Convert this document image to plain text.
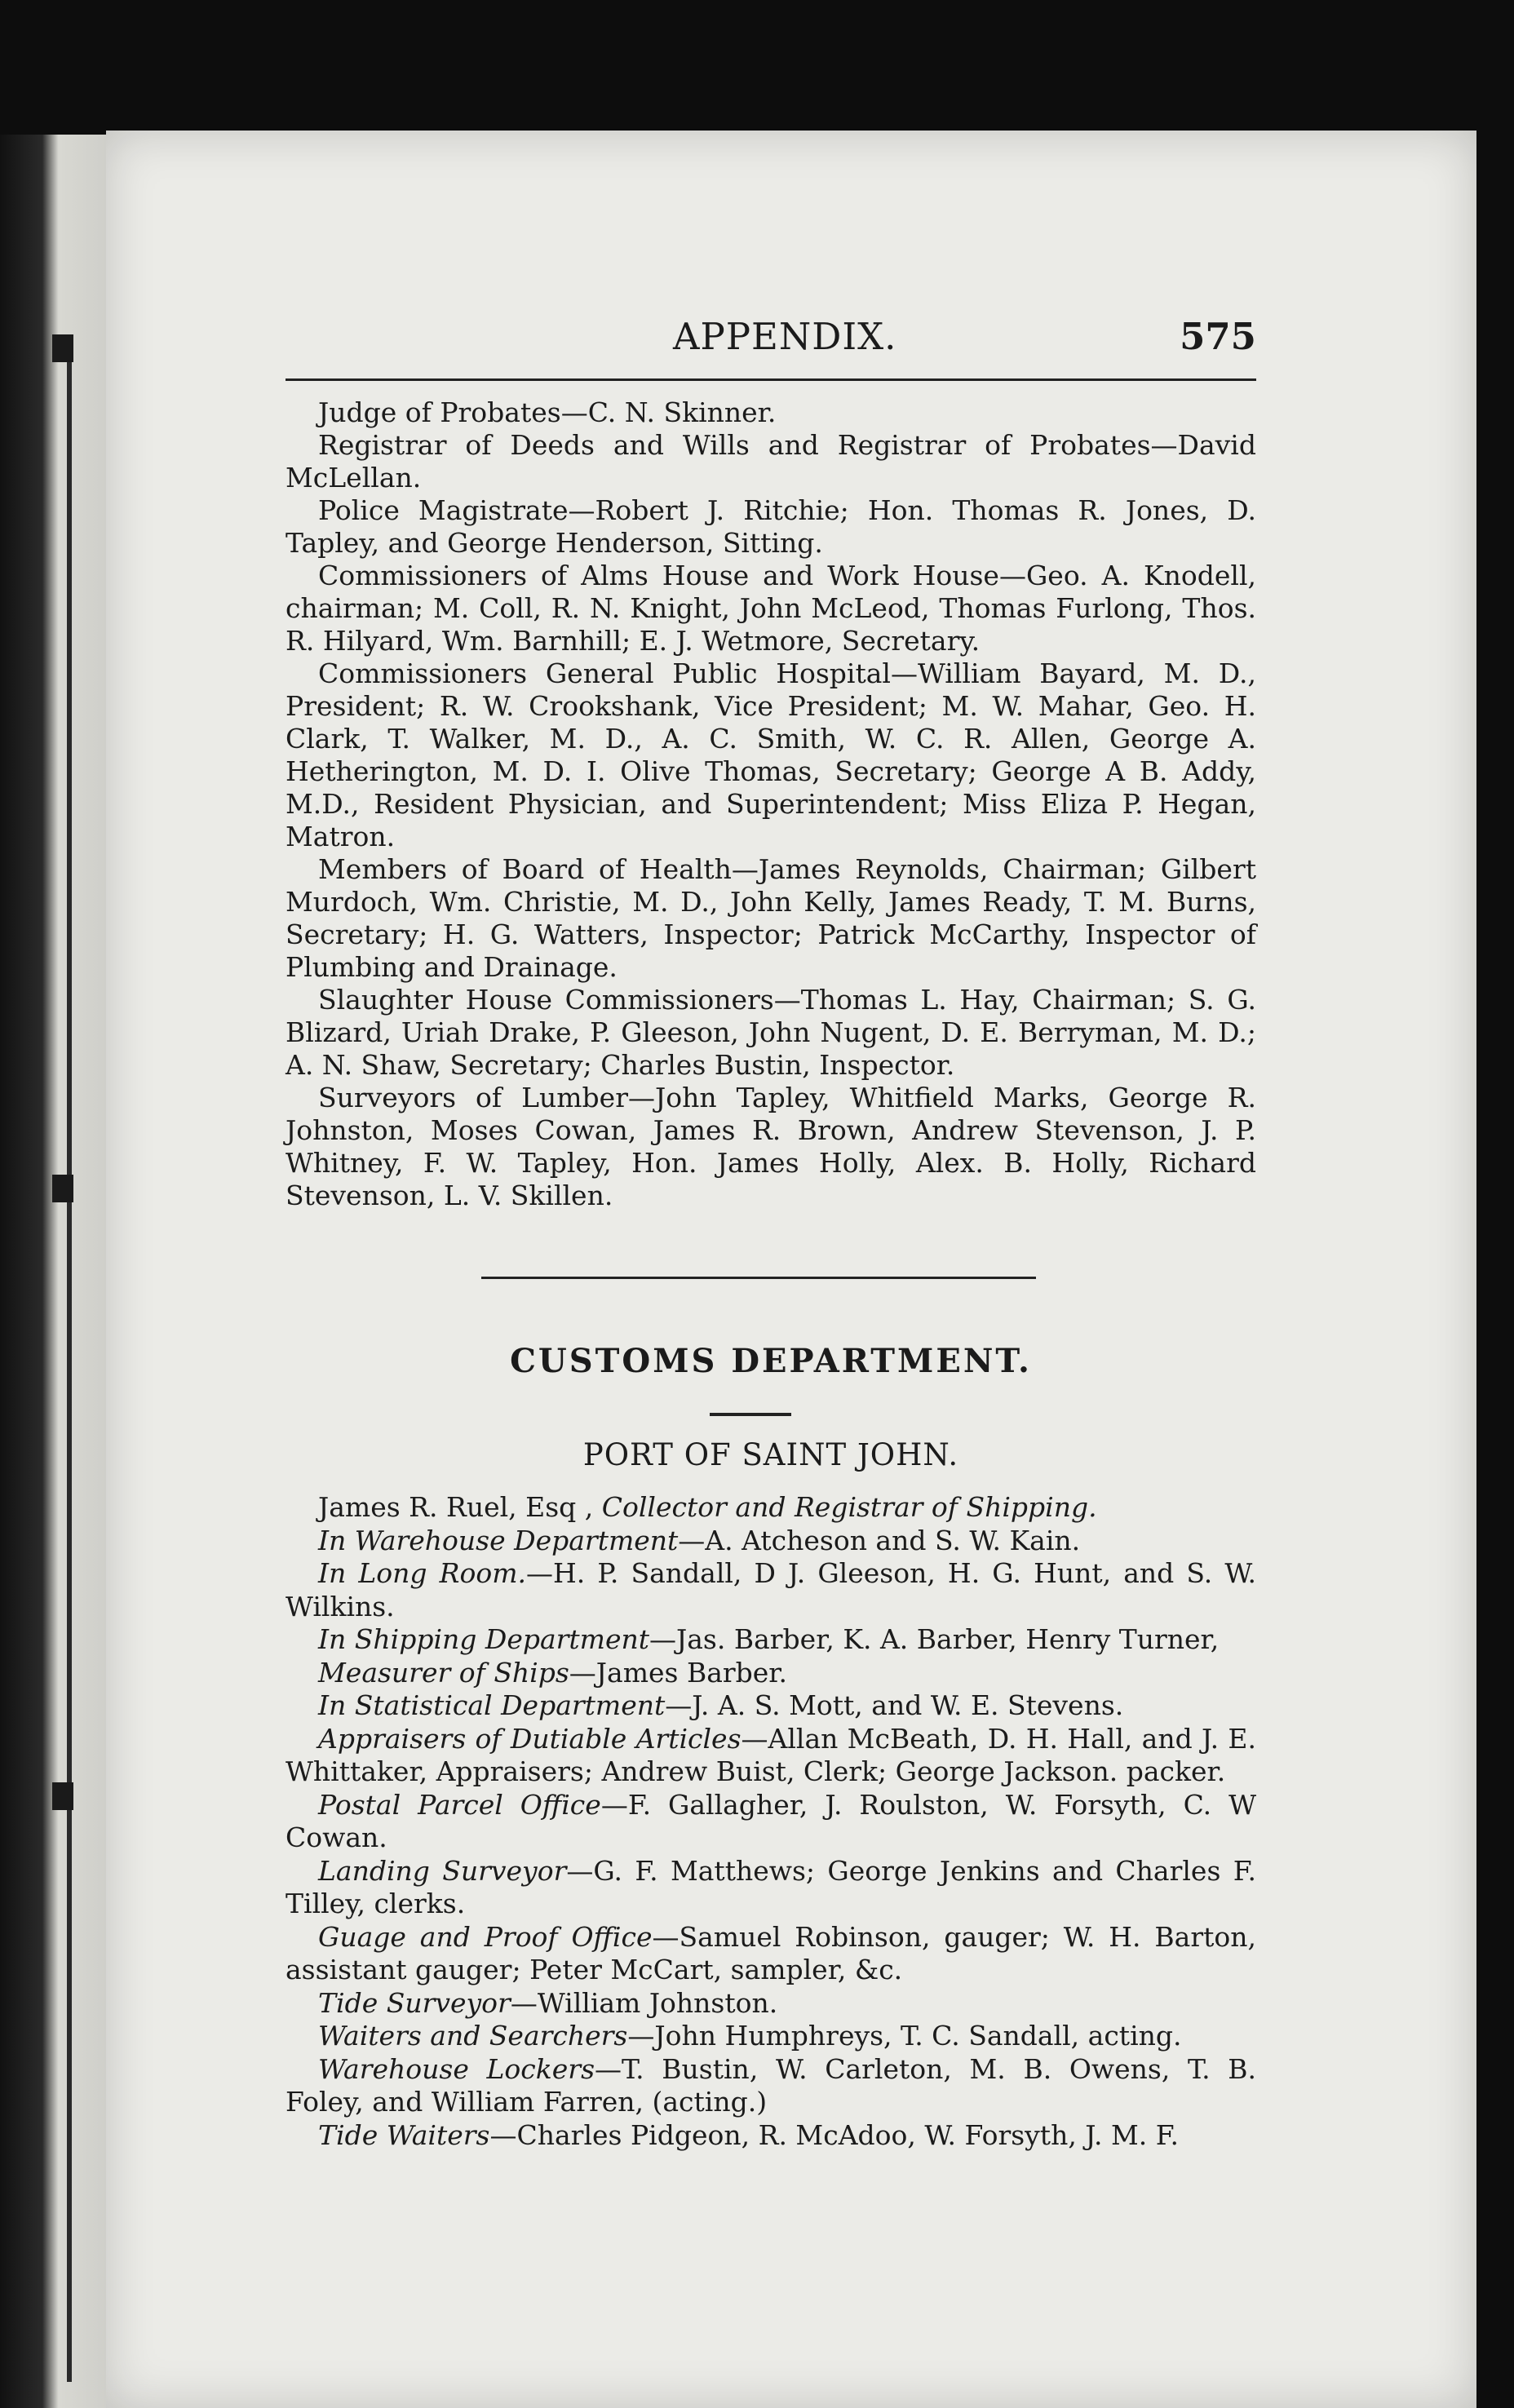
APPENDIX.	575

Judge of Probates—C. N. Skinner.

Registrar of Deeds and Wills and Registrar of Probates—David McLellan.

Police Magistrate—Robert J. Ritchie; Hon. Thomas R. Jones, D. Tapley, and George Henderson, Sitting.

Commissioners of Alms House and Work House—Geo. A. Knodell, chairman; M. Coll, R. N. Knight, John McLeod, Thomas Furlong, Thos. R. Hilyard, Wm. Barnhill; E. J. Wetmore, Secretary.

Commissioners General Public Hospital—William Bayard, M. D., President; R. W. Crookshank, Vice President; M. W. Mahar, Geo. H. Clark, T. Walker, M. D., A. C. Smith, W. C. R. Allen, George A. Hetherington, M. D. I. Olive Thomas, Secretary; George A B. Addy, M.D., Resident Physician, and Superintendent; Miss Eliza P. Hegan, Matron.

Members of Board of Health—James Reynolds, Chairman; Gilbert Murdoch, Wm. Christie, M. D., John Kelly, James Ready, T. M. Burns, Secretary; H. G. Watters, Inspector; Patrick McCarthy, Inspector of Plumbing and Drainage.

Slaughter House Commissioners—Thomas L. Hay, Chairman; S. G. Blizard, Uriah Drake, P. Gleeson, John Nugent, D. E. Berryman, M. D.; A. N. Shaw, Secretary; Charles Bustin, Inspector.

Surveyors of Lumber—John Tapley, Whitfield Marks, George R. Johnston, Moses Cowan, James R. Brown, Andrew Stevenson, J. P. Whitney, F. W. Tapley, Hon. James Holly, Alex. B. Holly, Richard Stevenson, L. V. Skillen.

CUSTOMS DEPARTMENT.
PORT OF SAINT JOHN.

James R. Ruel, Esq , Collector and Registrar of Shipping.

In Warehouse Department—A. Atcheson and S. W. Kain.

In Long Room.—H. P. Sandall, D J. Gleeson, H. G. Hunt, and S. W. Wilkins.

In Shipping Department—Jas. Barber, K. A. Barber, Henry Turner,

Measurer of Ships—James Barber.

In Statistical Department—J. A. S. Mott, and W. E. Stevens.

Appraisers of Dutiable Articles—Allan McBeath, D. H. Hall, and J. E. Whittaker, Appraisers; Andrew Buist, Clerk; George Jackson. packer.

Postal Parcel Office—F. Gallagher, J. Roulston, W. Forsyth, C. W Cowan.

Landing Surveyor—G. F. Matthews; George Jenkins and Charles F. Tilley, clerks.

Guage and Proof Office—Samuel Robinson, gauger; W. H. Barton, assistant gauger; Peter McCart, sampler, &c.

Tide Surveyor—William Johnston.

Waiters and Searchers—John Humphreys, T. C. Sandall, acting.

Warehouse Lockers—T. Bustin, W. Carleton, M. B. Owens, T. B. Foley, and William Farren, (acting.)

Tide Waiters—Charles Pidgeon, R. McAdoo, W. Forsyth, J. M. F.
